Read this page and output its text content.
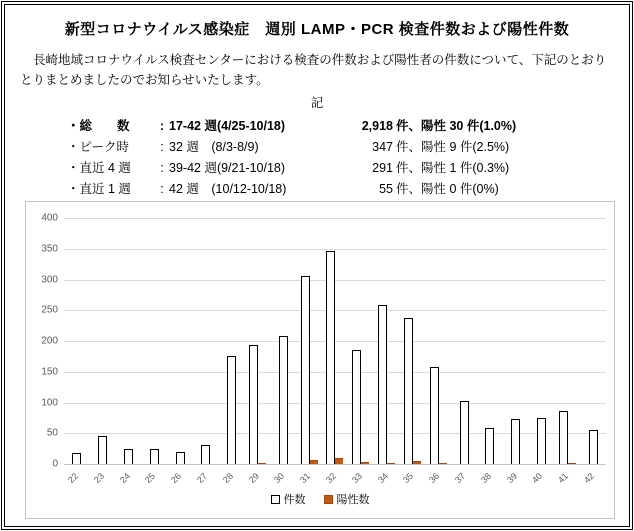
新型コロナウイルス感染症　週別 LAMP・PCR 検査件数および陽性件数
長崎地域コロナウイルス検査センターにおける検査の件数および陽性者の件数について、下記のとおりとりまとめましたのでお知らせいたします。
記
・総　　数	: 17-42 週(4/25-10/18)	2,918 件、陽性 30 件(1.0%)
・ピーク時	: 32 週　(8/3-8/9)	347 件、陽性 9 件(2.5%)
・直近 4 週	: 39-42 週(9/21-10/18)	291 件、陽性 1 件(0.3%)
・直近 1 週	: 42 週　(10/12-10/18)	55 件、陽性 0 件(0%)
件数	陽性数
0
50
100
150
200
250
300
350
400
22	23	24	25	26	27	28	29	30	31	32	33	34	35	36	37	38	39	40	41	42
